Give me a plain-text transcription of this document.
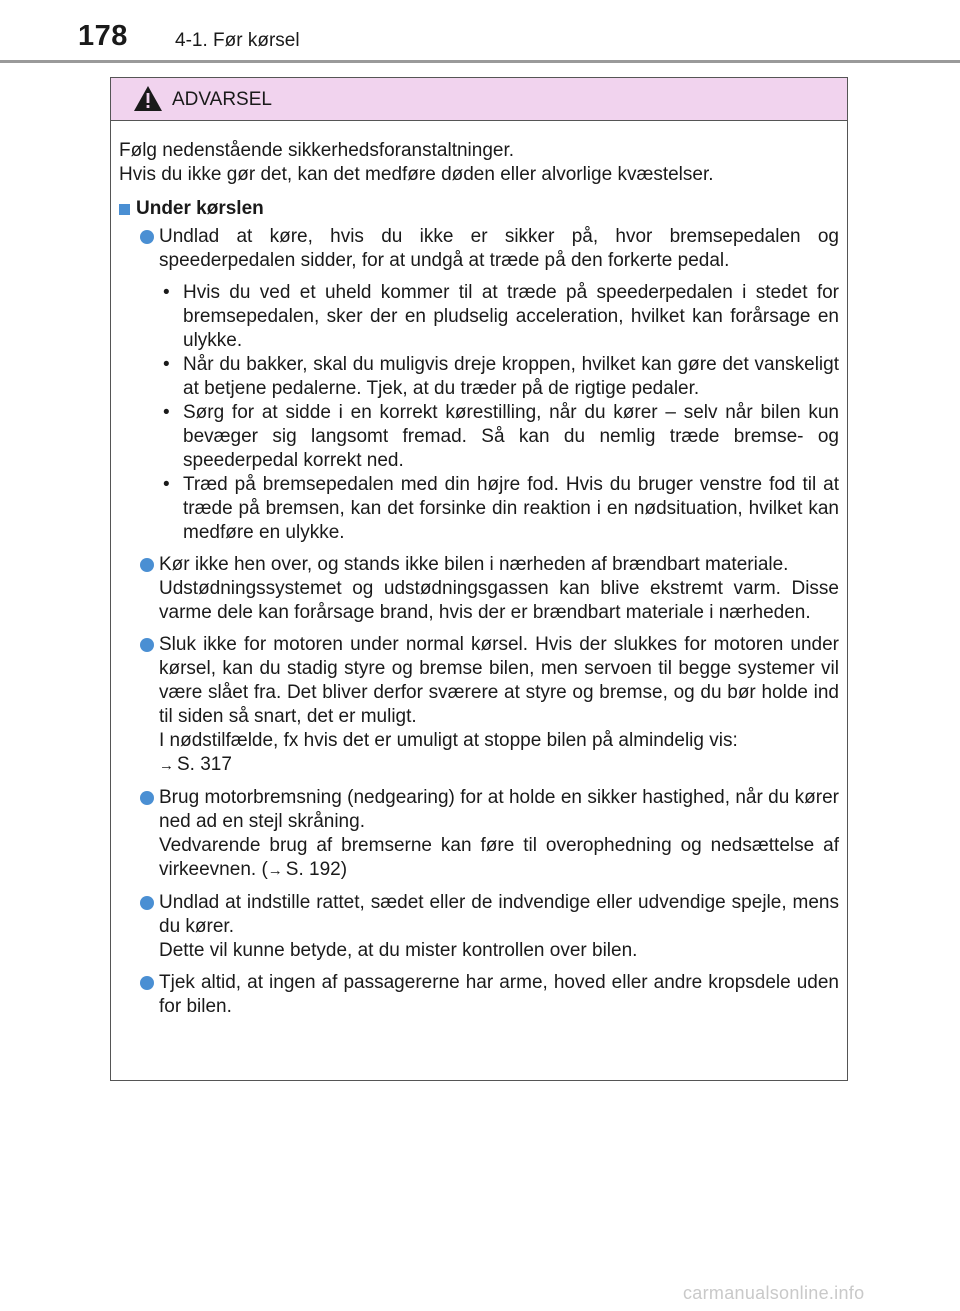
178 4-1. Før kørsel
ADVARSEL

Følg nedenstående sikkerhedsforanstaltninger.

Hvis du ikke gør det, kan det medføre døden eller alvorlige kvæstelser.

Under kørslen

Undlad at køre, hvis du ikke er sikker på, hvor bremsepedalen og speederpedalen sidder, for at undgå at træde på den forkerte pedal.

• Hvis du ved et uheld kommer til at træde på speederpedalen i stedet for bremsepedalen, sker der en pludselig acceleration, hvilket kan forårsage en ulykke.
• Når du bakker, skal du muligvis dreje kroppen, hvilket kan gøre det vanskeligt at betjene pedalerne. Tjek, at du træder på de rigtige pedaler.
• Sørg for at sidde i en korrekt kørestilling, når du kører – selv når bilen kun bevæger sig langsomt fremad. Så kan du nemlig træde bremse- og speederpedal korrekt ned.
• Træd på bremsepedalen med din højre fod. Hvis du bruger venstre fod til at træde på bremsen, kan det forsinke din reaktion i en nødsituation, hvilket kan medføre en ulykke.

Kør ikke hen over, og stands ikke bilen i nærheden af brændbart materiale.

Udstødningssystemet og udstødningsgassen kan blive ekstremt varm. Disse varme dele kan forårsage brand, hvis der er brændbart materiale i nærheden.

Sluk ikke for motoren under normal kørsel. Hvis der slukkes for motoren under kørsel, kan du stadig styre og bremse bilen, men servoen til begge systemer vil være slået fra. Det bliver derfor sværere at styre og bremse, og du bør holde ind til siden så snart, det er muligt.

I nødstilfælde, fx hvis det er umuligt at stoppe bilen på almindelig vis:

→ S. 317

Brug motorbremsning (nedgearing) for at holde en sikker hastighed, når du kører ned ad en stejl skråning.

Vedvarende brug af bremserne kan føre til overophedning og nedsættelse af virkeevnen. (→ S. 192)

Undlad at indstille rattet, sædet eller de indvendige eller udvendige spejle, mens du kører.

Dette vil kunne betyde, at du mister kontrollen over bilen.

Tjek altid, at ingen af passagererne har arme, hoved eller andre kropsdele uden for bilen.

carmanualsonline.info
